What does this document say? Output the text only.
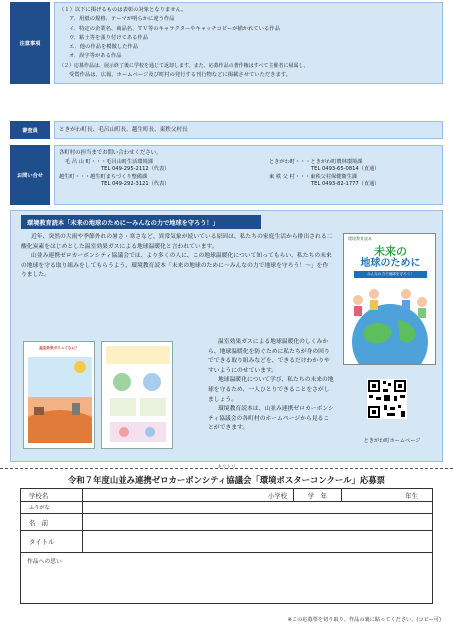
注意事項
（１）以下に掲げるものは表彰の対象となりません。
ア．用紙の規格、テーマが明らかに違う作品
イ．特定の企業名、商品名、ＴＶ等のキャラクターやキャッチコピーが描かれている作品
ウ．粘土等を張り付けてある作品
エ．他の作品を模倣した作品
オ．誤字等がある作品
（２）応募作品は、展示終了後に学校を通じて返却します。また、応募作品の著作権はすべて主催者に帰属し、
受賞作品は、広報、ホームページ及び町村の発行する刊行物などに掲載させていただきます。
審査員	ときがわ町長、毛呂山町長、越生町長、東秩父村長
お問い合せ
各町村の担当までお問い合わせください。
毛 呂 山 町・・・毛呂山町生活環境課	ときがわ町・・・ときがわ町農林環境課
TEL 049-295-2112（代表）	TEL 0493-65-0814（直通）
越生町・・・越生町まちづくり整備課	東 秩 父 村・・・東秩父村保健衛生課
TEL 049-292-3121（代表）	TEL 0493-82-1777（直通）
環境教育読本「未来の地球のために〜みんなの力で地球を守ろう！」

近年、突然の大雨や季節外れの暑さ・寒さなど、異常気象が続いている原因は、私たちの家庭生活から排出される二酸化炭素をはじめとした温室効果ガスによる地球温暖化と言われています。

山並み連携ゼロカーボンシティ協議会では、より多くの人に、この地球温暖化について知ってもらい、私たちの未来の地球を守る取り組みをしてもらうよう、環境教育読本「未来の地球のために〜みんなの力で地球を守ろう！〜」を作りました。

温室効果ガスってなに？

温室効果ガスによる地球温暖化のしくみから、地球温暖化を防ぐために私たちが身の回りでできる取り組みなどを、できるだけわかりやすいようにのせています。

地球温暖化について学び、私たちの未来の地球を守るため、一人ひとりできることをさがしましょう。

環境教育読本は、山並み連携ゼロカーボンシティ協議会の各町村のホームページから見ることができます。

環境教育読本
未来の
地球のために
みんなの力で地球を守ろう！
ときがわ町ホームページ
キリトリ
令和７年度山並み連携ゼロカーボンシティ協議会「環境ポスターコンクール」応募票
学校名	小学校	学　年	年生
ふりがな
名　前
タイトル
作品への思い
※この応募票を切り取り、作品の裏に貼ってください。(コピー可)
